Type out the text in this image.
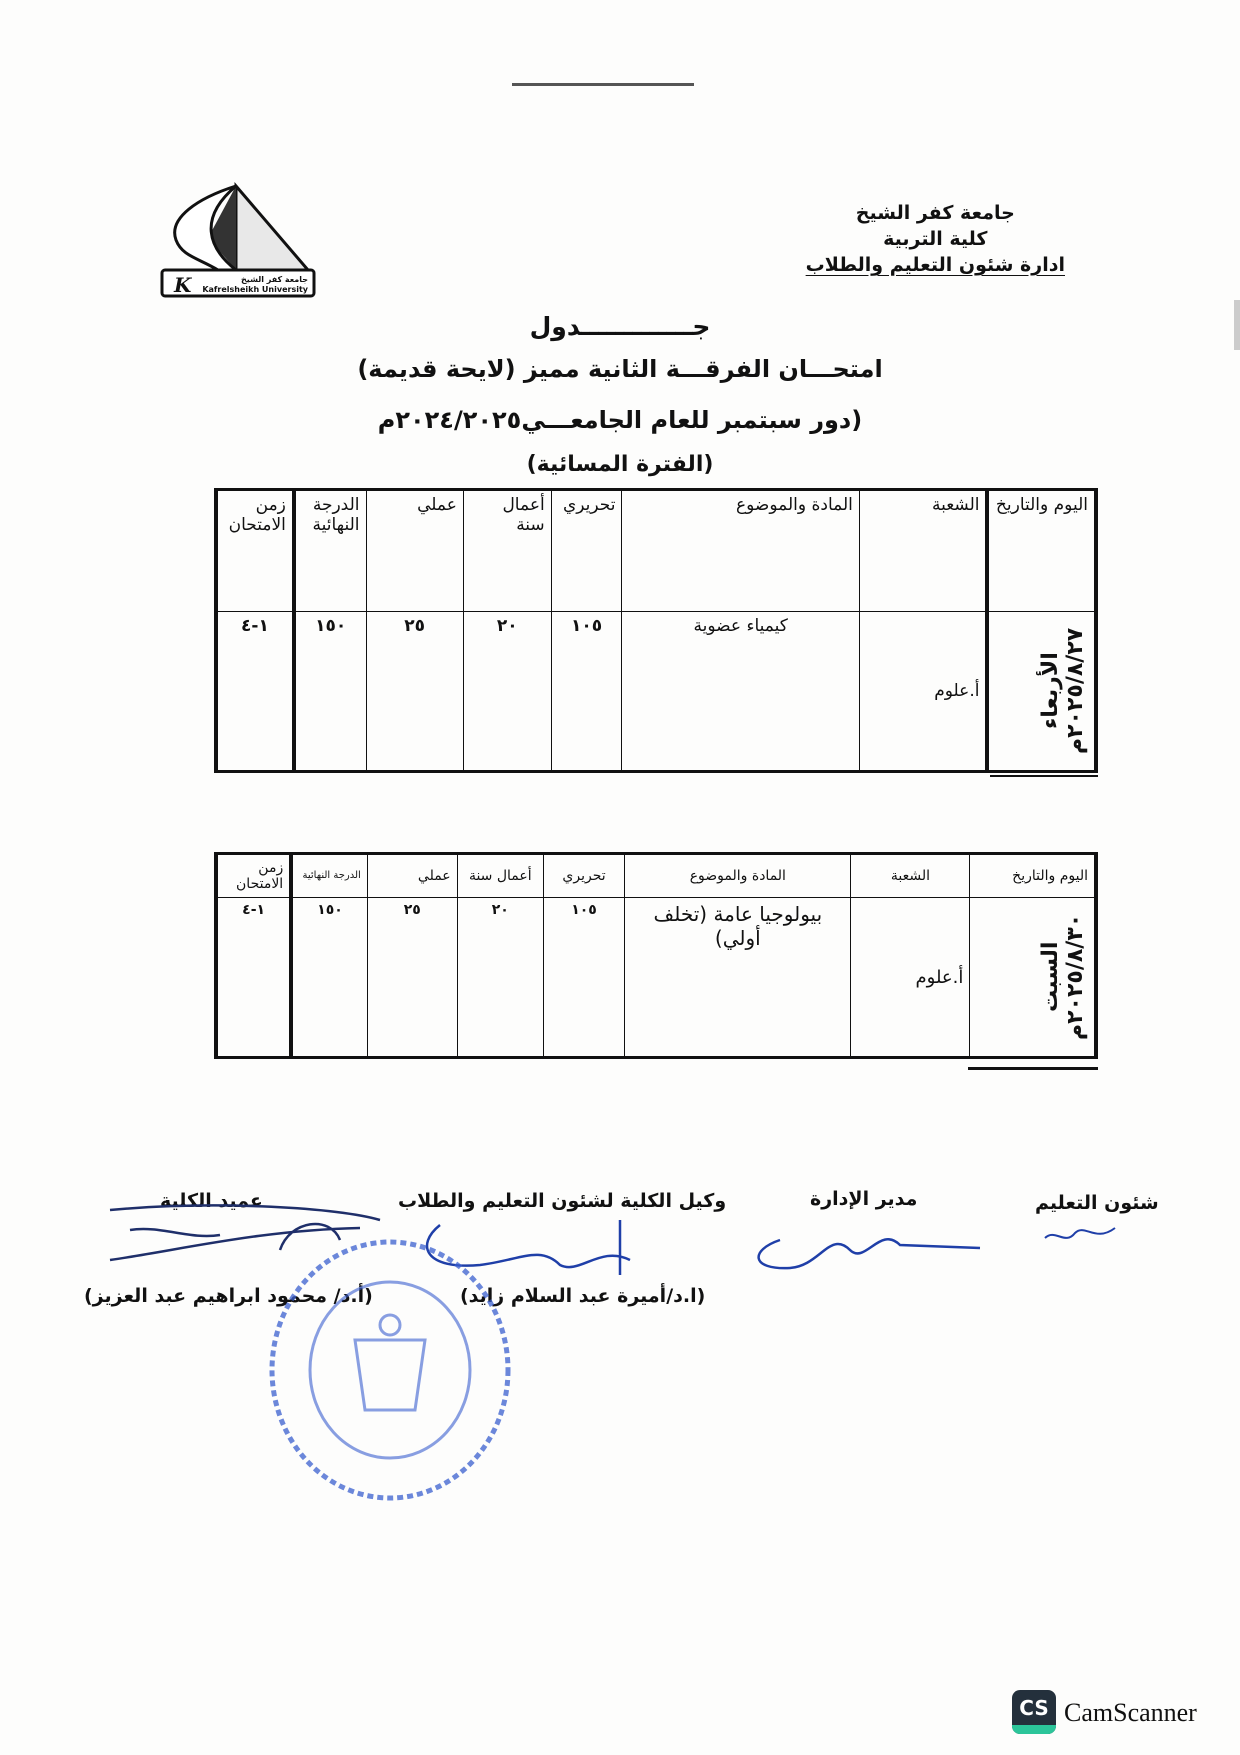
K	جامعة كفر الشيخ
Kafrelsheikh University
جامعة كفر الشيخ
كلية التربية
ادارة شئون التعليم والطلاب
جـــــــــــــدول
امتحـــان الفرقـــة الثانية مميز (لايحة قديمة)
(دور سبتمبر للعام الجامعـــي٢٠٢٤/٢٠٢٥م
(الفترة المسائية)
اليوم والتاريخ	الشعبة	المادة والموضوع	تحريري	أعمال سنة	عملي	الدرجة النهائية	زمن الامتحان

الأربعاء ٢٠٢٥/٨/٢٧م	أ.علوم	كيمياء عضوية	١٠٥	٢٠	٢٥	١٥٠	١-٤
اليوم والتاريخ	الشعبة	المادة والموضوع	تحريري	أعمال سنة	عملي	الدرجة النهائية	زمن الامتحان

السبت ٢٠٢٥/٨/٣٠م	أ.علوم	بيولوجيا عامة (تخلف أولي)	١٠٥	٢٠	٢٥	١٥٠	١-٤
شئون التعليم
مدير الإدارة
وكيل الكلية لشئون التعليم والطلاب
(ا.د/أميرة عبد السلام زايد)
عميد الكلية
(أ.د/ محمود ابراهيم عبد العزيز)
CS CamScanner
